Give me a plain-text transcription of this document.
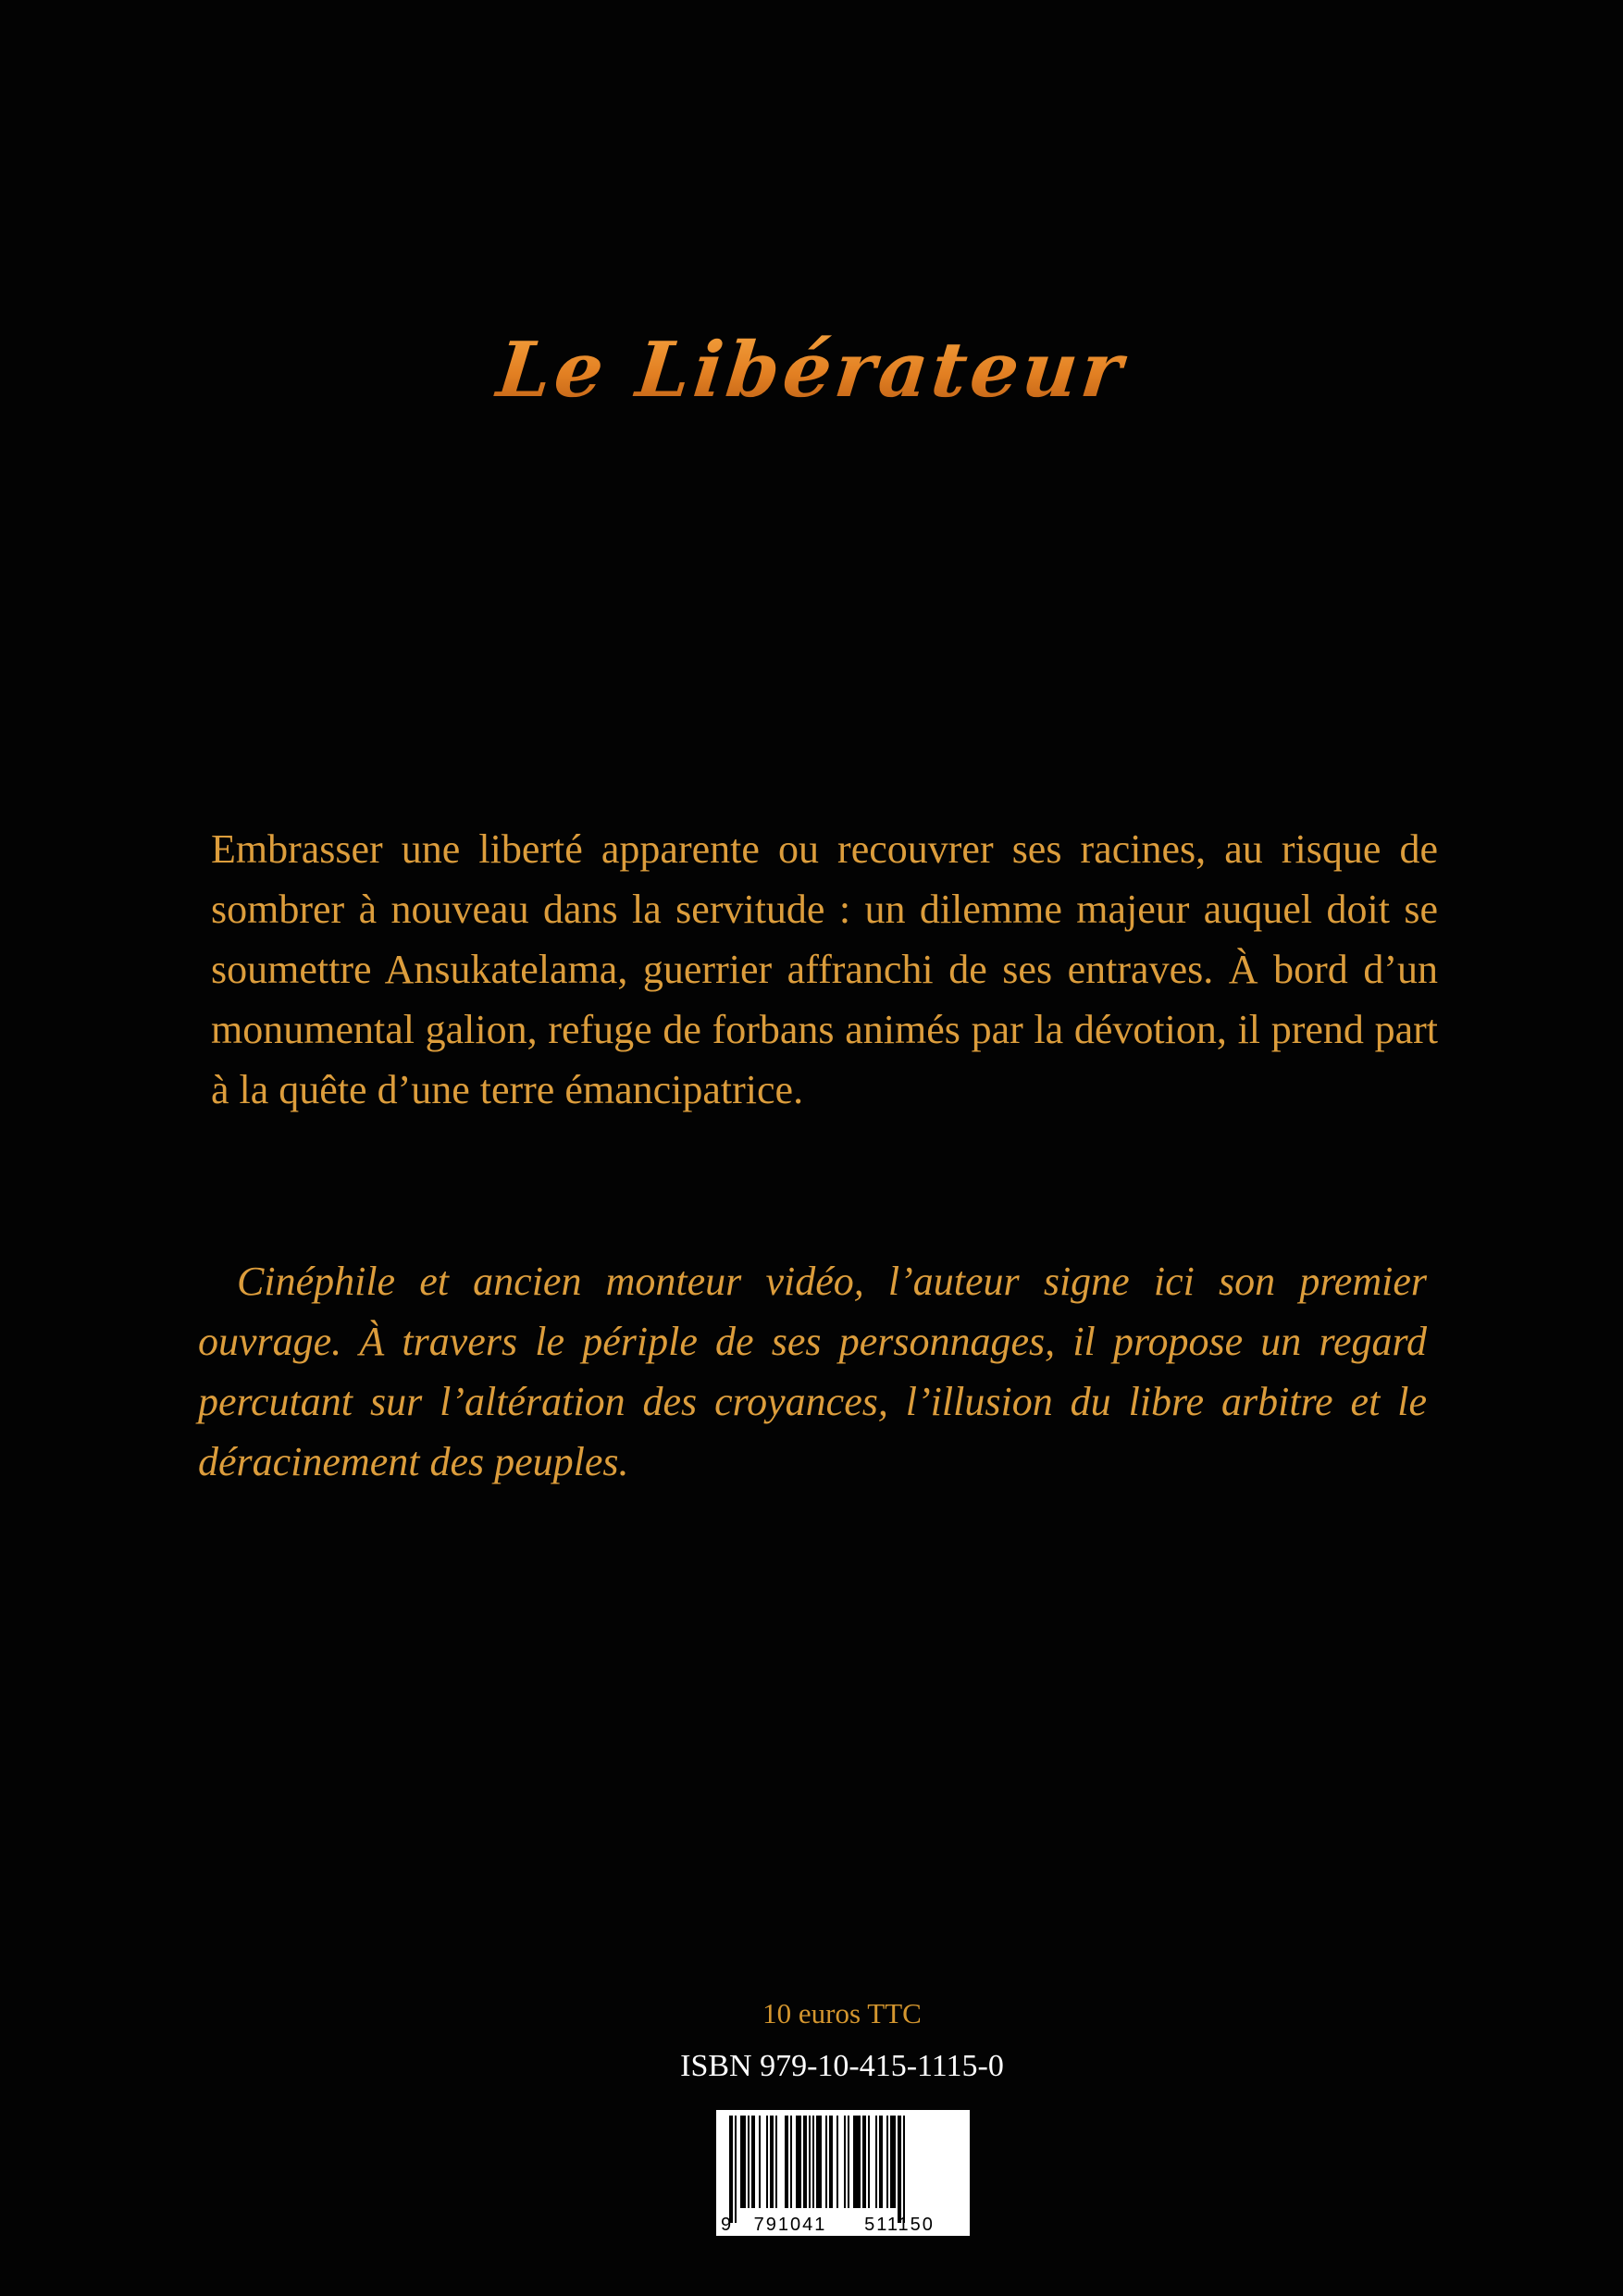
Le Libérateur

Embrasser une liberté apparente ou recouvrer ses racines, au risque de sombrer à nouveau dans la servitude : un dilemme majeur auquel doit se soumettre Ansukatelama, guerrier affranchi de ses entraves. À bord d’un monumental galion, refuge de forbans animés par la dévotion, il prend part à la quête d’une terre émancipatrice.

Cinéphile et ancien monteur vidéo, l’auteur signe ici son premier ouvrage. À travers le périple de ses personnages, il propose un regard percutant sur l’altération des croyances, l’illusion du libre arbitre et le déracinement des peuples.

10 euros TTC
ISBN 979-10-415-1115-0
9 791041 511150
